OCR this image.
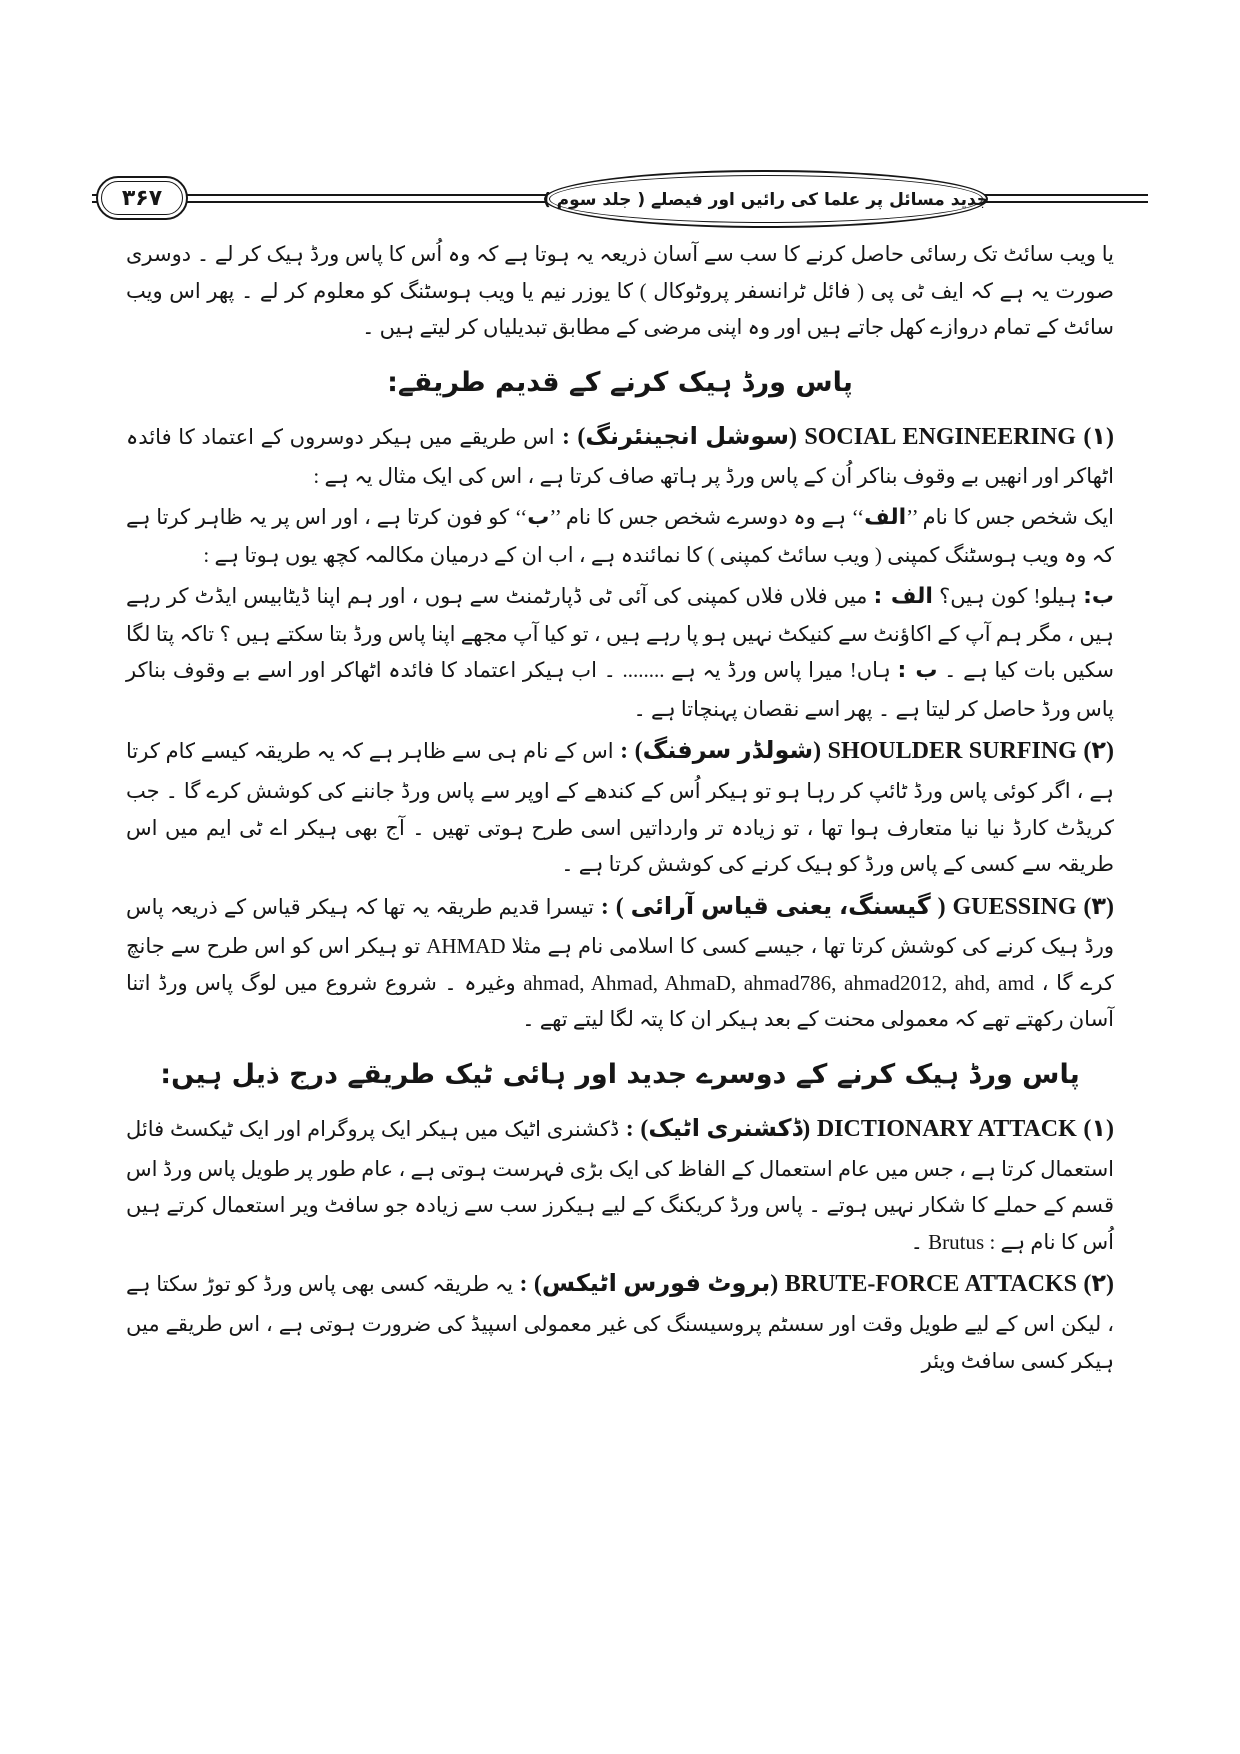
۳۶۷	جدید مسائل پر علما کی رائیں اور فیصلے ( جلد سوم )

یا ویب سائٹ تک رسائی حاصل کرنے کا سب سے آسان ذریعہ یہ ہوتا ہے کہ وہ اُس کا پاس ورڈ ہیک کر لے ۔ دوسری صورت یہ ہے کہ ایف ٹی پی ( فائل ٹرانسفر پروٹوکال ) کا یوزر نیم یا ویب ہوسٹنگ کو معلوم کر لے ۔ پھر اس ویب سائٹ کے تمام دروازے کھل جاتے ہیں اور وہ اپنی مرضی کے مطابق تبدیلیاں کر لیتے ہیں ۔

پاس ورڈ ہیک کرنے کے قدیم طریقے:

(۱) SOCIAL ENGINEERING (سوشل انجینئرنگ) : اس طریقے میں ہیکر دوسروں کے اعتماد کا فائدہ اٹھاکر اور انھیں بے وقوف بناکر اُن کے پاس ورڈ پر ہاتھ صاف کرتا ہے ، اس کی ایک مثال یہ ہے :

ایک شخص جس کا نام ’’الف‘‘ ہے وہ دوسرے شخص جس کا نام ’’ب‘‘ کو فون کرتا ہے ، اور اس پر یہ ظاہر کرتا ہے کہ وہ ویب ہوسٹنگ کمپنی ( ویب سائٹ کمپنی ) کا نمائندہ ہے ، اب ان کے درمیان مکالمہ کچھ یوں ہوتا ہے :

ب: ہیلو! کون ہیں؟ الف : میں فلاں فلاں کمپنی کی آئی ٹی ڈپارٹمنٹ سے ہوں ، اور ہم اپنا ڈیٹابیس ایڈٹ کر رہے ہیں ، مگر ہم آپ کے اکاؤنٹ سے کنیکٹ نہیں ہو پا رہے ہیں ، تو کیا آپ مجھے اپنا پاس ورڈ بتا سکتے ہیں ؟ تاکہ پتا لگا سکیں بات کیا ہے ۔ ب : ہاں! میرا پاس ورڈ یہ ہے ........ ۔ اب ہیکر اعتماد کا فائدہ اٹھاکر اور اسے بے وقوف بناکر پاس ورڈ حاصل کر لیتا ہے ۔ پھر اسے نقصان پہنچاتا ہے ۔

(۲) SHOULDER SURFING (شولڈر سرفنگ) : اس کے نام ہی سے ظاہر ہے کہ یہ طریقہ کیسے کام کرتا ہے ، اگر کوئی پاس ورڈ ٹائپ کر رہا ہو تو ہیکر اُس کے کندھے کے اوپر سے پاس ورڈ جاننے کی کوشش کرے گا ۔ جب کریڈٹ کارڈ نیا نیا متعارف ہوا تھا ، تو زیادہ تر وارداتیں اسی طرح ہوتی تھیں ۔ آج بھی ہیکر اے ٹی ایم میں اس طریقہ سے کسی کے پاس ورڈ کو ہیک کرنے کی کوشش کرتا ہے ۔

(۳) GUESSING ( گیسنگ، یعنی قیاس آرائی ) : تیسرا قدیم طریقہ یہ تھا کہ ہیکر قیاس کے ذریعہ پاس ورڈ ہیک کرنے کی کوشش کرتا تھا ، جیسے کسی کا اسلامی نام ہے مثلا AHMAD تو ہیکر اس کو اس طرح سے جانچ کرے گا ، ahmad, Ahmad, AhmaD, ahmad786, ahmad2012, ahd, amd وغیرہ ۔ شروع شروع میں لوگ پاس ورڈ اتنا آسان رکھتے تھے کہ معمولی محنت کے بعد ہیکر ان کا پتہ لگا لیتے تھے ۔

پاس ورڈ ہیک کرنے کے دوسرے جدید اور ہائی ٹیک طریقے درج ذیل ہیں:

(۱) DICTIONARY ATTACK (ڈکشنری اٹیک) : ڈکشنری اٹیک میں ہیکر ایک پروگرام اور ایک ٹیکسٹ فائل استعمال کرتا ہے ، جس میں عام استعمال کے الفاظ کی ایک بڑی فہرست ہوتی ہے ، عام طور پر طویل پاس ورڈ اس قسم کے حملے کا شکار نہیں ہوتے ۔ پاس ورڈ کریکنگ کے لیے ہیکرز سب سے زیادہ جو سافٹ ویر استعمال کرتے ہیں اُس کا نام ہے : Brutus ۔

(۲) BRUTE-FORCE ATTACKS (بروٹ فورس اٹیکس) : یہ طریقہ کسی بھی پاس ورڈ کو توڑ سکتا ہے ، لیکن اس کے لیے طویل وقت اور سسٹم پروسیسنگ کی غیر معمولی اسپیڈ کی ضرورت ہوتی ہے ، اس طریقے میں ہیکر کسی سافٹ ویئر
